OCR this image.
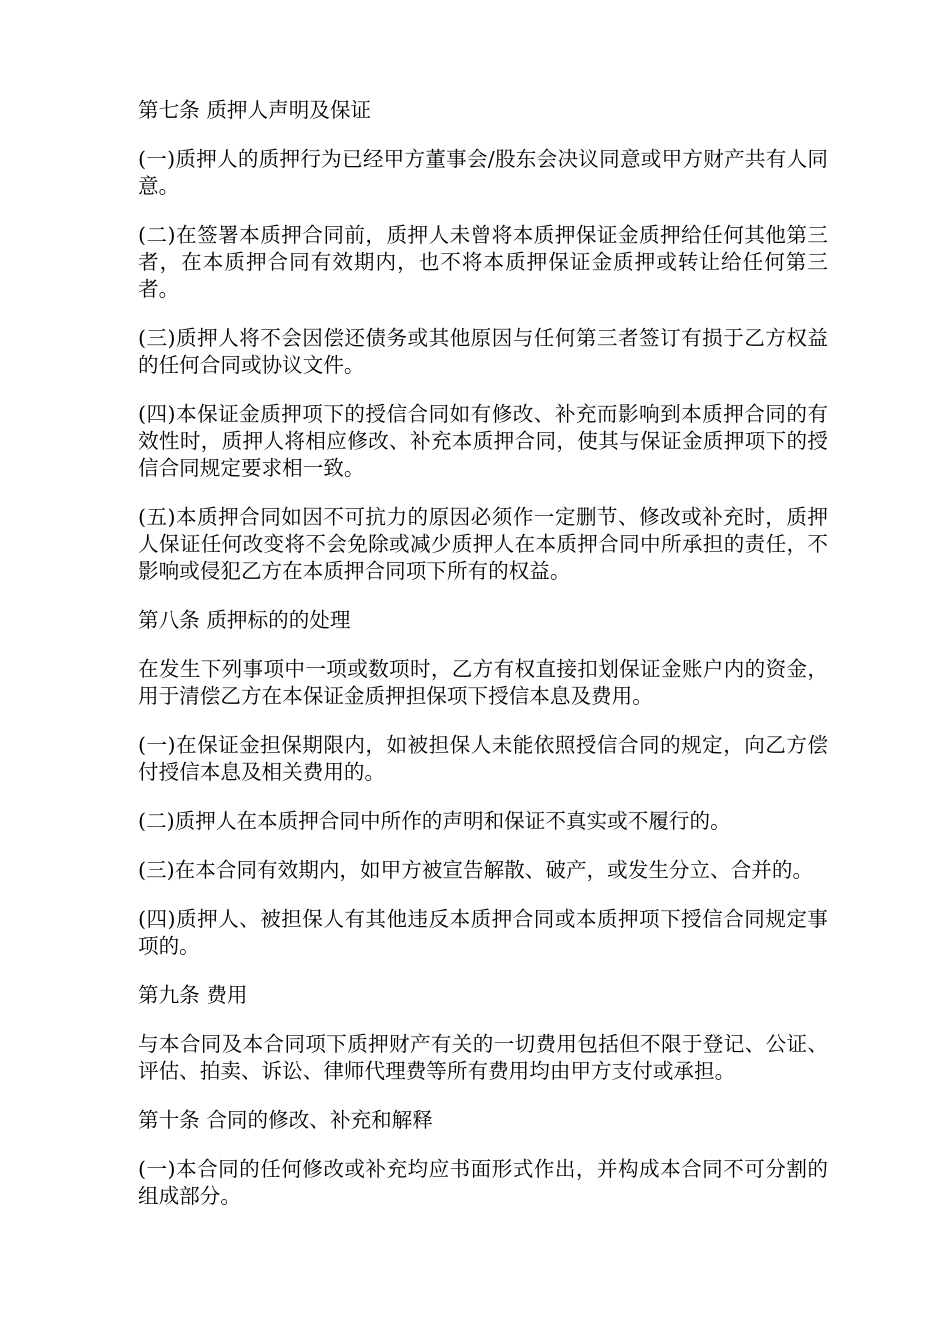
第七条 质押人声明及保证

(一)质押人的质押行为已经甲方董事会/股东会决议同意或甲方财产共有人同意。

(二)在签署本质押合同前，质押人未曾将本质押保证金质押给任何其他第三者，在本质押合同有效期内，也不将本质押保证金质押或转让给任何第三者。

(三)质押人将不会因偿还债务或其他原因与任何第三者签订有损于乙方权益的任何合同或协议文件。

(四)本保证金质押项下的授信合同如有修改、补充而影响到本质押合同的有效性时，质押人将相应修改、补充本质押合同，使其与保证金质押项下的授信合同规定要求相一致。

(五)本质押合同如因不可抗力的原因必须作一定删节、修改或补充时，质押人保证任何改变将不会免除或减少质押人在本质押合同中所承担的责任，不影响或侵犯乙方在本质押合同项下所有的权益。

第八条 质押标的的处理

在发生下列事项中一项或数项时，乙方有权直接扣划保证金账户内的资金，用于清偿乙方在本保证金质押担保项下授信本息及费用。

(一)在保证金担保期限内，如被担保人未能依照授信合同的规定，向乙方偿付授信本息及相关费用的。

(二)质押人在本质押合同中所作的声明和保证不真实或不履行的。

(三)在本合同有效期内，如甲方被宣告解散、破产，或发生分立、合并的。

(四)质押人、被担保人有其他违反本质押合同或本质押项下授信合同规定事项的。

第九条 费用

与本合同及本合同项下质押财产有关的一切费用包括但不限于登记、公证、评估、拍卖、诉讼、律师代理费等所有费用均由甲方支付或承担。

第十条 合同的修改、补充和解释

(一)本合同的任何修改或补充均应书面形式作出，并构成本合同不可分割的组成部分。
